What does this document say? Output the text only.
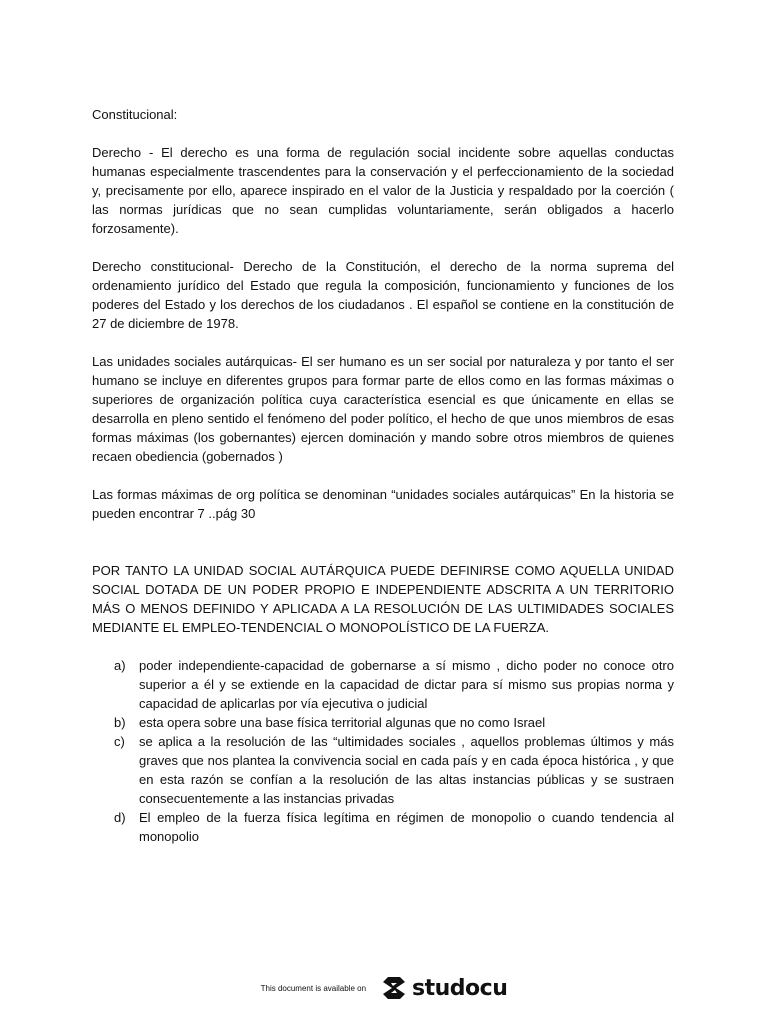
Constitucional:

Derecho - El derecho es una forma de regulación social incidente sobre aquellas conductas humanas especialmente trascendentes para la conservación y el perfeccionamiento de la sociedad y, precisamente por ello, aparece inspirado en el valor de la Justicia y respaldado por la coerción ( las normas jurídicas que no sean cumplidas voluntariamente, serán obligados a hacerlo forzosamente).

Derecho constitucional- Derecho de la Constitución, el derecho de la norma suprema del ordenamiento jurídico del Estado que regula la composición, funcionamiento y funciones de los poderes del Estado y los derechos de los ciudadanos . El español se contiene en la constitución de 27 de diciembre de 1978.

Las unidades sociales autárquicas- El ser humano es un ser social por naturaleza y por tanto el ser humano se incluye en diferentes grupos para formar parte de ellos como en las formas máximas o superiores de organización política cuya característica esencial es que únicamente en ellas se desarrolla en pleno sentido el fenómeno del poder político, el hecho de que unos miembros de esas formas máximas (los gobernantes) ejercen dominación y mando sobre otros miembros de quienes recaen obediencia (gobernados )

Las formas máximas de org política se denominan “unidades sociales autárquicas” En la historia se pueden encontrar 7 ..pág 30

POR TANTO LA UNIDAD SOCIAL AUTÁRQUICA PUEDE DEFINIRSE COMO AQUELLA UNIDAD SOCIAL DOTADA DE UN PODER PROPIO E INDEPENDIENTE ADSCRITA A UN TERRITORIO MÁS O MENOS DEFINIDO Y APLICADA A LA RESOLUCIÓN DE LAS ULTIMIDADES SOCIALES MEDIANTE EL EMPLEO-TENDENCIAL O MONOPOLÍSTICO DE LA FUERZA.

a) poder independiente-capacidad de gobernarse a sí mismo , dicho poder no conoce otro superior a él y se extiende en la capacidad de dictar para sí mismo sus propias norma y capacidad de aplicarlas por vía ejecutiva o judicial
b) esta opera sobre una base física territorial algunas que no como Israel
c) se aplica a la resolución de las “ultimidades sociales , aquellos problemas últimos y más graves que nos plantea la convivencia social en cada país y en cada época histórica , y que en esta razón se confían a la resolución de las altas instancias públicas y se sustraen consecuentemente a las instancias privadas
d) El empleo de la fuerza física legítima en régimen de monopolio o cuando tendencia al monopolio
This document is available on studocu
